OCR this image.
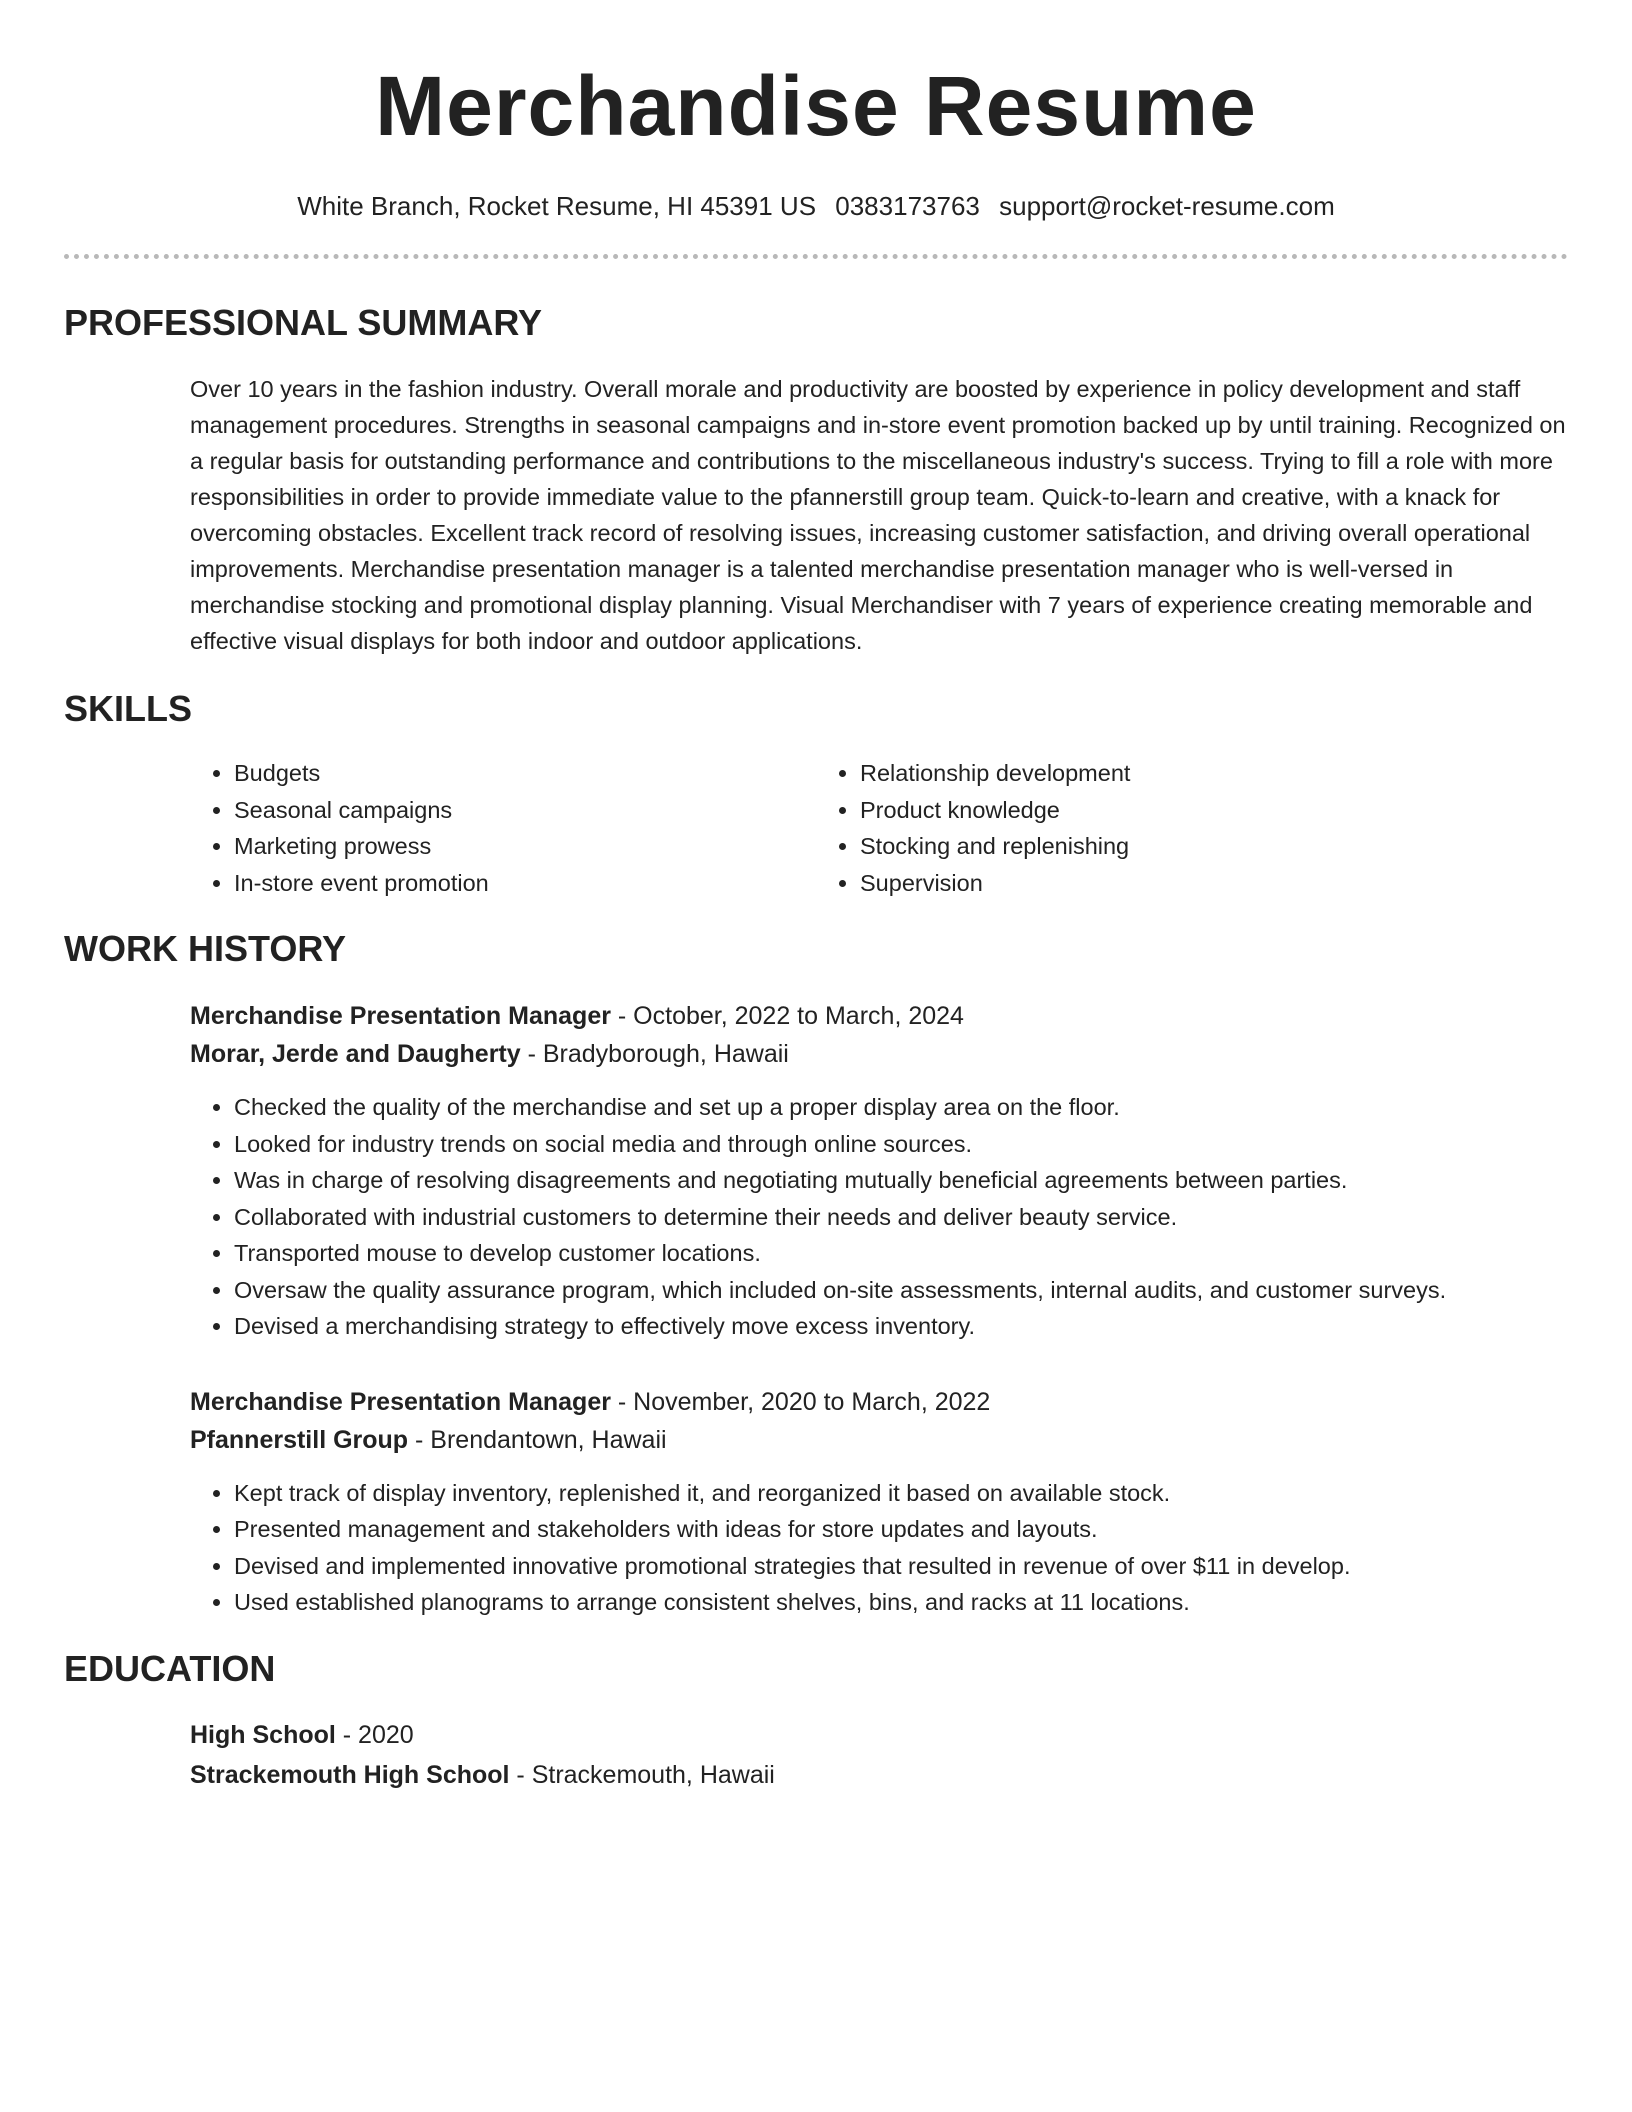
Merchandise Resume
White Branch, Rocket Resume, HI 45391 US 0383173763 support@rocket-resume.com
PROFESSIONAL SUMMARY

Over 10 years in the fashion industry. Overall morale and productivity are boosted by experience in policy development and staff management procedures. Strengths in seasonal campaigns and in-store event promotion backed up by until training. Recognized on a regular basis for outstanding performance and contributions to the miscellaneous industry's success. Trying to fill a role with more responsibilities in order to provide immediate value to the pfannerstill group team. Quick-to-learn and creative, with a knack for overcoming obstacles. Excellent track record of resolving issues, increasing customer satisfaction, and driving overall operational improvements. Merchandise presentation manager is a talented merchandise presentation manager who is well-versed in merchandise stocking and promotional display planning. Visual Merchandiser with 7 years of experience creating memorable and effective visual displays for both indoor and outdoor applications.

SKILLS
• Budgets
• Seasonal campaigns
• Marketing prowess
• In-store event promotion
• Relationship development
• Product knowledge
• Stocking and replenishing
• Supervision
WORK HISTORY
Merchandise Presentation Manager - October, 2022 to March, 2024
Morar, Jerde and Daugherty - Bradyborough, Hawaii
• Checked the quality of the merchandise and set up a proper display area on the floor.
• Looked for industry trends on social media and through online sources.
• Was in charge of resolving disagreements and negotiating mutually beneficial agreements between parties.
• Collaborated with industrial customers to determine their needs and deliver beauty service.
• Transported mouse to develop customer locations.
• Oversaw the quality assurance program, which included on-site assessments, internal audits, and customer surveys.
• Devised a merchandising strategy to effectively move excess inventory.
Merchandise Presentation Manager - November, 2020 to March, 2022
Pfannerstill Group - Brendantown, Hawaii
• Kept track of display inventory, replenished it, and reorganized it based on available stock.
• Presented management and stakeholders with ideas for store updates and layouts.
• Devised and implemented innovative promotional strategies that resulted in revenue of over $11 in develop.
• Used established planograms to arrange consistent shelves, bins, and racks at 11 locations.
EDUCATION
High School - 2020
Strackemouth High School - Strackemouth, Hawaii
